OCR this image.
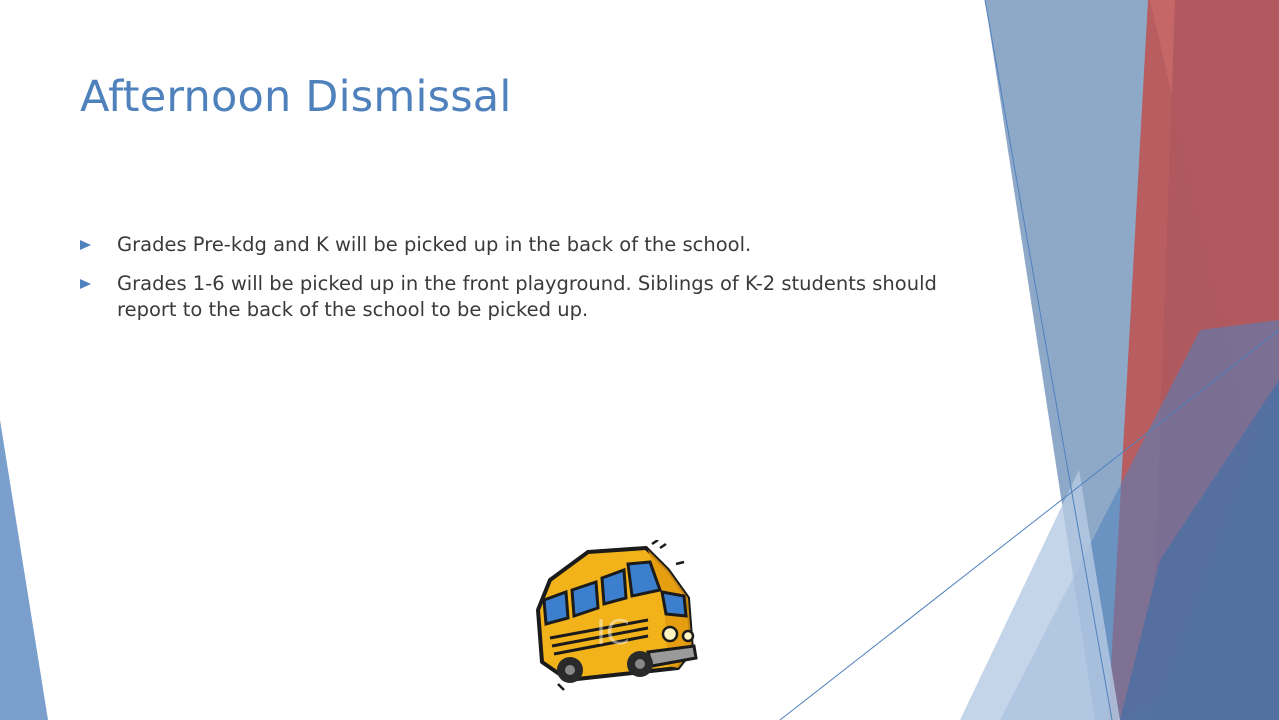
Afternoon Dismissal
Grades Pre-kdg and K will be picked up in the back of the school.
Grades 1-6 will be picked up in the front playground. Siblings of K-2 students should report to the back of the school to be picked up.
IC
